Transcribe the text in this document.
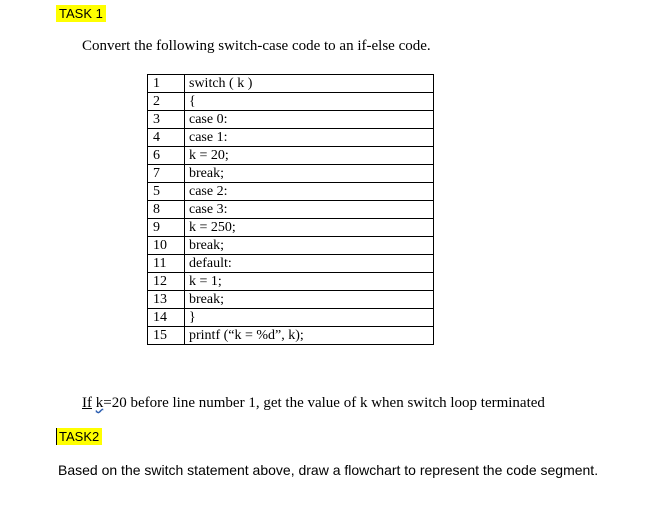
TASK 1
Convert the following switch-case code to an if-else code.
1	switch ( k )
2	{
3	case 0:
4	case 1:
6	k = 20;
7	break;
5	case 2:
8	case 3:
9	k = 250;
10	break;
11	default:
12	k = 1;
13	break;
14	}
15	printf (“k = %d”, k);
If k=20 before line number 1, get the value of k when switch loop terminated
TASK2
Based on the switch statement above, draw a flowchart to represent the code segment.
